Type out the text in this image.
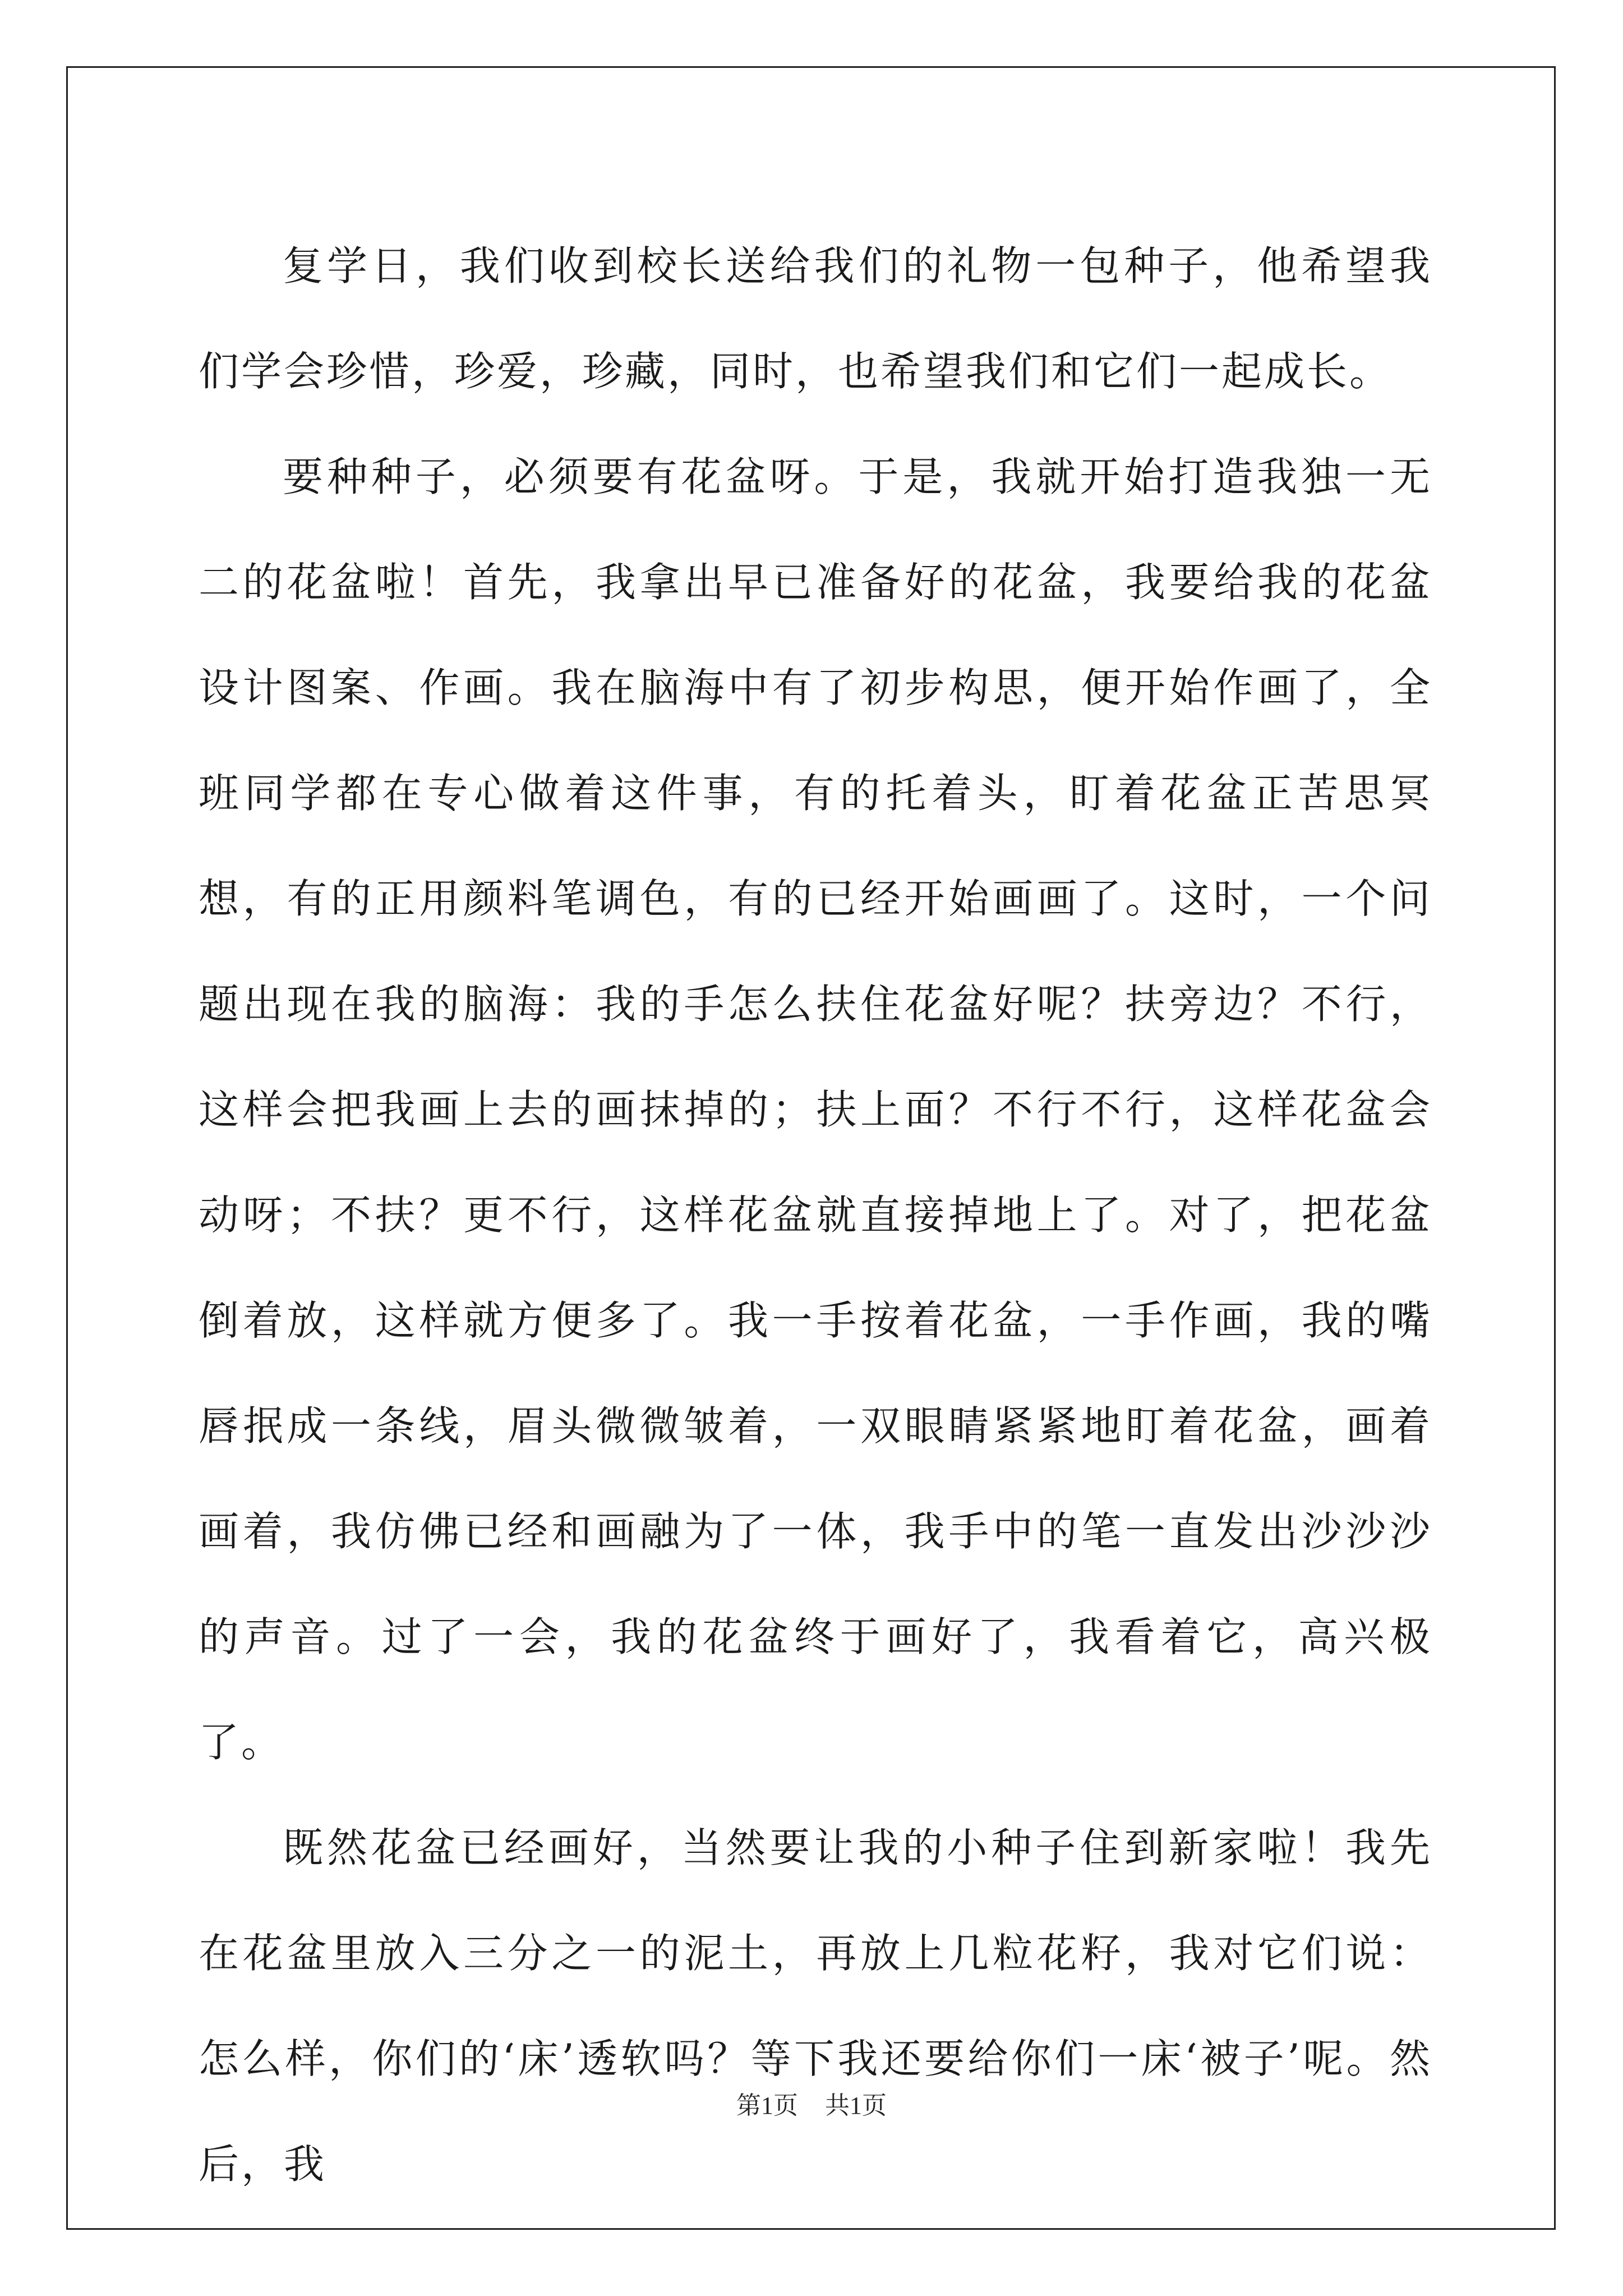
复学日，我们收到校长送给我们的礼物一包种子，他希望我们学会珍惜，珍爱，珍藏，同时，也希望我们和它们一起成长。

要种种子，必须要有花盆呀。于是，我就开始打造我独一无二的花盆啦！首先，我拿出早已准备好的花盆，我要给我的花盆设计图案、作画。我在脑海中有了初步构思，便开始作画了，全班同学都在专心做着这件事，有的托着头，盯着花盆正苦思冥想，有的正用颜料笔调色，有的已经开始画画了。这时，一个问题出现在我的脑海：我的手怎么扶住花盆好呢？扶旁边？不行，这样会把我画上去的画抹掉的；扶上面？不行不行，这样花盆会动呀；不扶？更不行，这样花盆就直接掉地上了。对了，把花盆倒着放，这样就方便多了。我一手按着花盆，一手作画，我的嘴唇抿成一条线，眉头微微皱着，一双眼睛紧紧地盯着花盆，画着画着，我仿佛已经和画融为了一体，我手中的笔一直发出沙沙沙的声音。过了一会，我的花盆终于画好了，我看着它，高兴极了。

既然花盆已经画好，当然要让我的小种子住到新家啦！我先在花盆里放入三分之一的泥土，再放上几粒花籽，我对它们说：怎么样，你们的‘床’透软吗？等下我还要给你们一床‘被子’呢。然后，我

第1页 共1页
